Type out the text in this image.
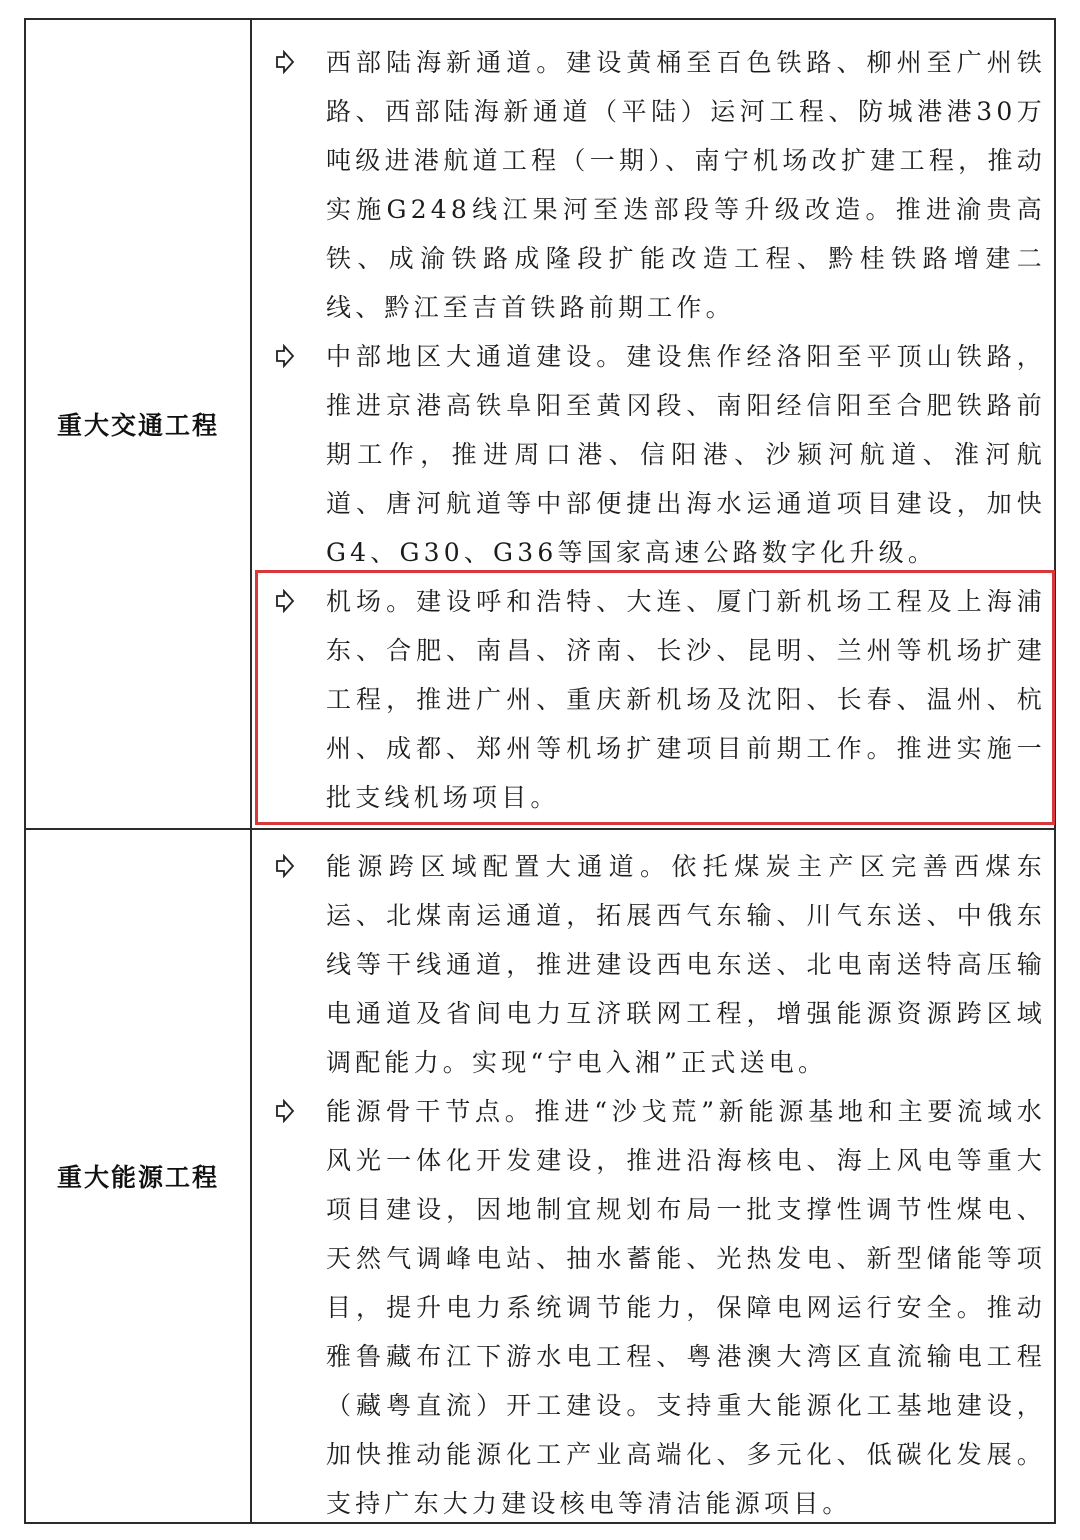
重大交通工程
西部陆海新通道。建设黄桶至百色铁路、柳州至广州铁路、西部陆海新通道（平陆）运河工程、防城港港30万吨级进港航道工程（一期）、南宁机场改扩建工程，推动实施G248线江果河至迭部段等升级改造。推进渝贵高铁、成渝铁路成隆段扩能改造工程、黔桂铁路增建二线、黔江至吉首铁路前期工作。
中部地区大通道建设。建设焦作经洛阳至平顶山铁路，推进京港高铁阜阳至黄冈段、南阳经信阳至合肥铁路前期工作，推进周口港、信阳港、沙颍河航道、淮河航道、唐河航道等中部便捷出海水运通道项目建设，加快G4、G30、G36等国家高速公路数字化升级。
机场。建设呼和浩特、大连、厦门新机场工程及上海浦东、合肥、南昌、济南、长沙、昆明、兰州等机场扩建工程，推进广州、重庆新机场及沈阳、长春、温州、杭州、成都、郑州等机场扩建项目前期工作。推进实施一批支线机场项目。
重大能源工程
能源跨区域配置大通道。依托煤炭主产区完善西煤东运、北煤南运通道，拓展西气东输、川气东送、中俄东线等干线通道，推进建设西电东送、北电南送特高压输电通道及省间电力互济联网工程，增强能源资源跨区域调配能力。实现“宁电入湘”正式送电。
能源骨干节点。推进“沙戈荒”新能源基地和主要流域水风光一体化开发建设，推进沿海核电、海上风电等重大项目建设，因地制宜规划布局一批支撑性调节性煤电、天然气调峰电站、抽水蓄能、光热发电、新型储能等项目，提升电力系统调节能力，保障电网运行安全。推动雅鲁藏布江下游水电工程、粤港澳大湾区直流输电工程（藏粤直流）开工建设。支持重大能源化工基地建设，加快推动能源化工产业高端化、多元化、低碳化发展。支持广东大力建设核电等清洁能源项目。
